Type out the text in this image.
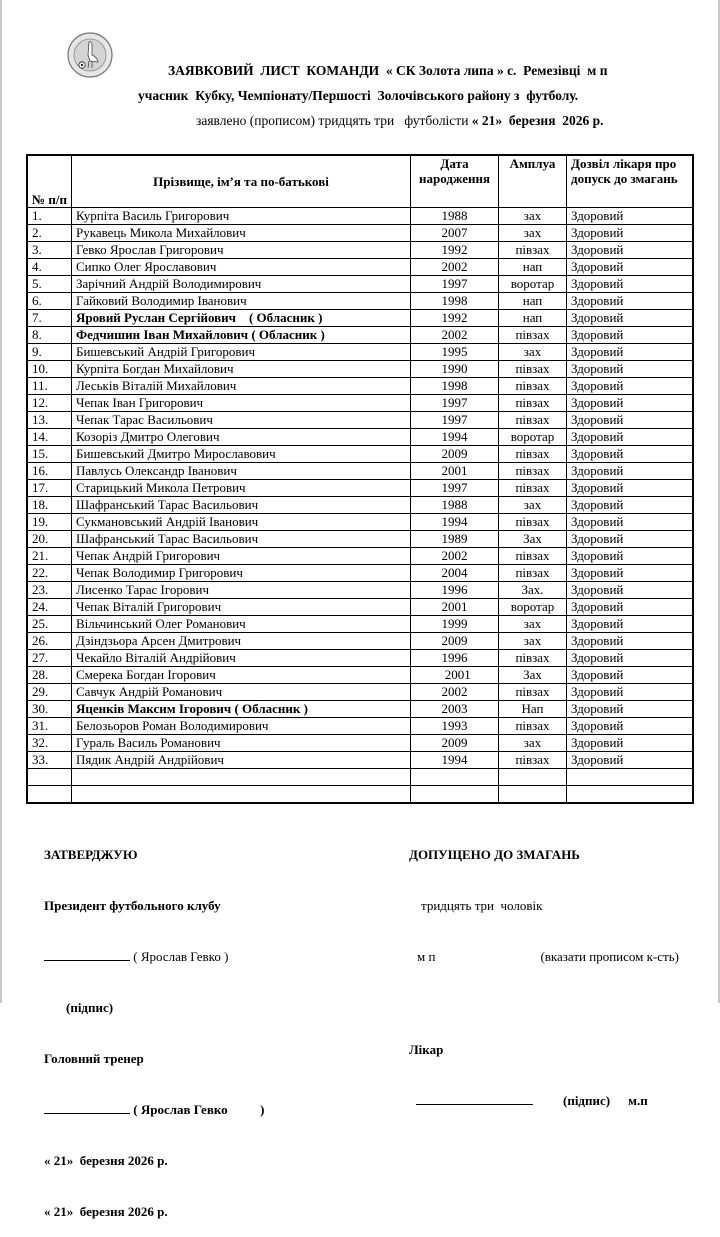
ЗАЯВКОВИЙ  ЛИСТ  КОМАНДИ  « СК Золота липа » с.  Ремезівці  м п
учасник  Кубку, Чемпіонату/Першості  Золочівського району з  футболу.
заявлено (прописом) тридцять три   футболісти « 21»  березня  2026 р.
№ п/п	Прізвище, ім’я та по-батькові	Дата народження	Амплуа	Дозвіл лікаря про допуск до змагань
1.	Курпіта Василь Григорович	1988	зах	Здоровий
2.	Рукавець Микола Михайлович	2007	зах	Здоровий
3.	Гевко Ярослав Григорович	1992	півзах	Здоровий
4.	Сипко Олег Ярославович	2002	нап	Здоровий
5.	Зарічний Андрій Володимирович	1997	воротар	Здоровий
6.	Гайковий Володимир Іванович	1998	нап	Здоровий
7.	Яровий Руслан Сергійович    ( Обласник )	1992	нап	Здоровий
8.	Федчишин Іван Михайлович ( Обласник )	2002	півзах	Здоровий
9.	Бишевський Андрій Григорович	1995	зах	Здоровий
10.	Курпіта Богдан Михайлович	1990	півзах	Здоровий
11.	Леськів Віталій Михайлович	1998	півзах	Здоровий
12.	Чепак Іван Григорович	1997	півзах	Здоровий
13.	Чепак Тарас Васильович	1997	півзах	Здоровий
14.	Козоріз Дмитро Олегович	1994	воротар	Здоровий
15.	Бишевський Дмитро Мирославович	2009	півзах	Здоровий
16.	Павлусь Олександр Іванович	2001	півзах	Здоровий
17.	Старицький Микола Петрович	1997	півзах	Здоровий
18.	Шафранський Тарас Васильович	1988	зах	Здоровий
19.	Сукмановський Андрій Іванович	1994	півзах	Здоровий
20.	Шафранський Тарас Васильович	1989	Зах	Здоровий
21.	Чепак Андрій Григорович	2002	півзах	Здоровий
22.	Чепак Володимир Григорович	2004	півзах	Здоровий
23.	Лисенко Тарас Ігорович	1996	Зах.	Здоровий
24.	Чепак Віталій Григорович	2001	воротар	Здоровий
25.	Вільчинський Олег Романович	1999	зах	Здоровий
26.	Дзіндзьора Арсен Дмитрович	2009	зах	Здоровий
27.	Чекайло Віталій Андрійович	1996	півзах	Здоровий
28.	Смерека Богдан Ігорович	2001	Зах	Здоровий
29.	Савчук Андрій Романович	2002	півзах	Здоровий
30.	Яценків Максим Ігорович ( Обласник )	2003	Нап	Здоровий
31.	Белозьоров Роман Володимирович	1993	півзах	Здоровий
32.	Гураль Василь Романович	2009	зах	Здоровий
33.	Пядик Андрій Андрійович	1994	півзах	Здоровий

ЗАТВЕРДЖУЮ

Президент футбольного клубу

( Ярослав Гевко )

(підпис)

Головний тренер

( Ярослав Гевко          )

« 21»  березня 2026 р.

« 21»  березня 2026 р.

ДОПУЩЕНО ДО ЗМАГАНЬ

тридцять три  чоловік

м п	(вказати прописом к-сть)

Лікар

(підпис) м.п
